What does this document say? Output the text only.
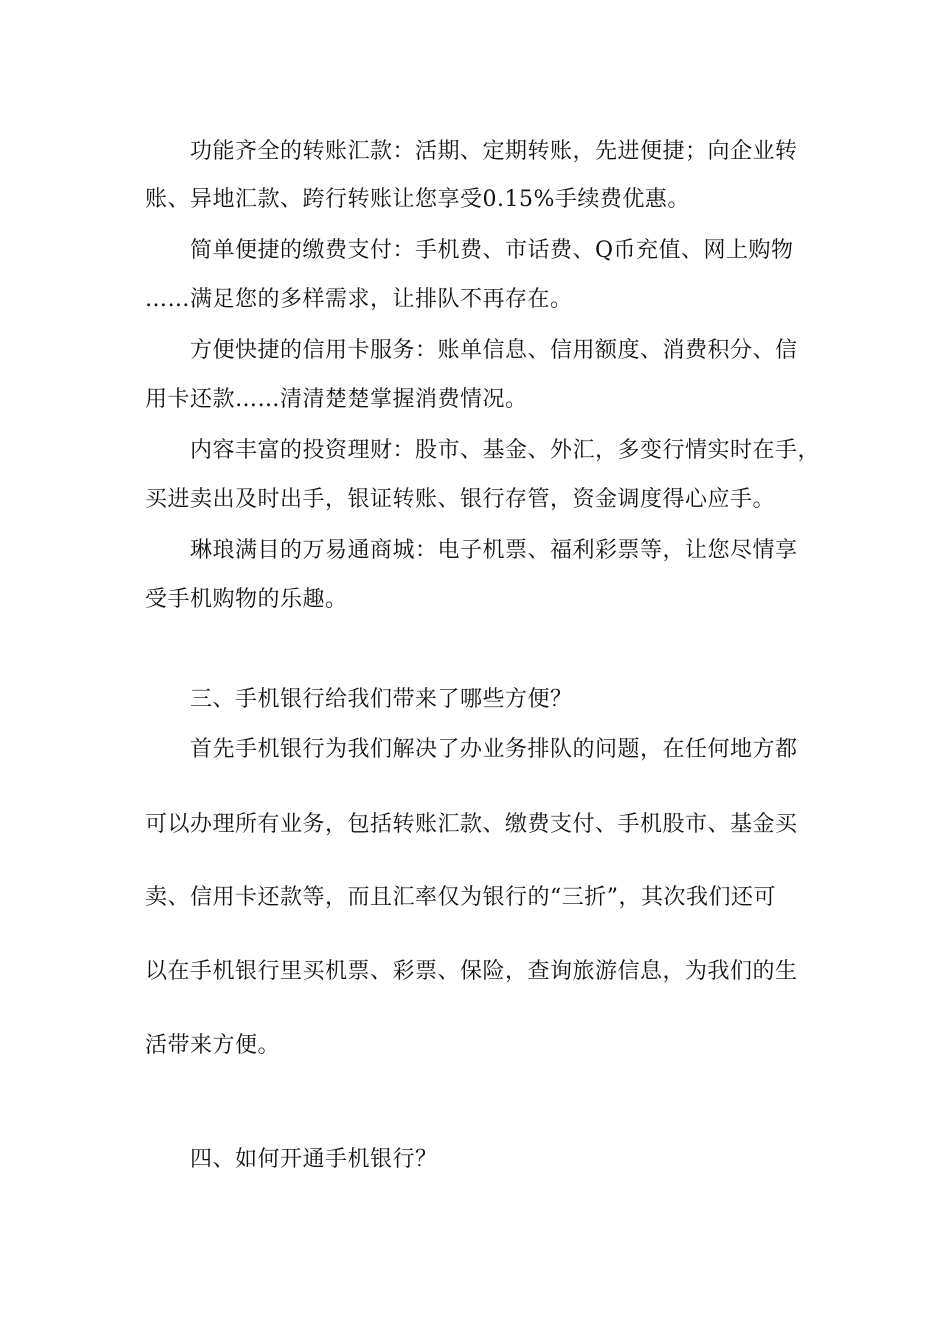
功能齐全的转账汇款：活期、定期转账，先进便捷；向企业转
账、异地汇款、跨行转账让您享受0.15%手续费优惠。
简单便捷的缴费支付：手机费、市话费、Q币充值、网上购物
……满足您的多样需求，让排队不再存在。
方便快捷的信用卡服务：账单信息、信用额度、消费积分、信
用卡还款……清清楚楚掌握消费情况。
内容丰富的投资理财：股市、基金、外汇，多变行情实时在手，
买进卖出及时出手，银证转账、银行存管，资金调度得心应手。
琳琅满目的万易通商城：电子机票、福利彩票等，让您尽情享
受手机购物的乐趣。
三、手机银行给我们带来了哪些方便？
首先手机银行为我们解决了办业务排队的问题，在任何地方都
可以办理所有业务，包括转账汇款、缴费支付、手机股市、基金买
卖、信用卡还款等，而且汇率仅为银行的“三折”，其次我们还可
以在手机银行里买机票、彩票、保险，查询旅游信息，为我们的生
活带来方便。
四、如何开通手机银行？
